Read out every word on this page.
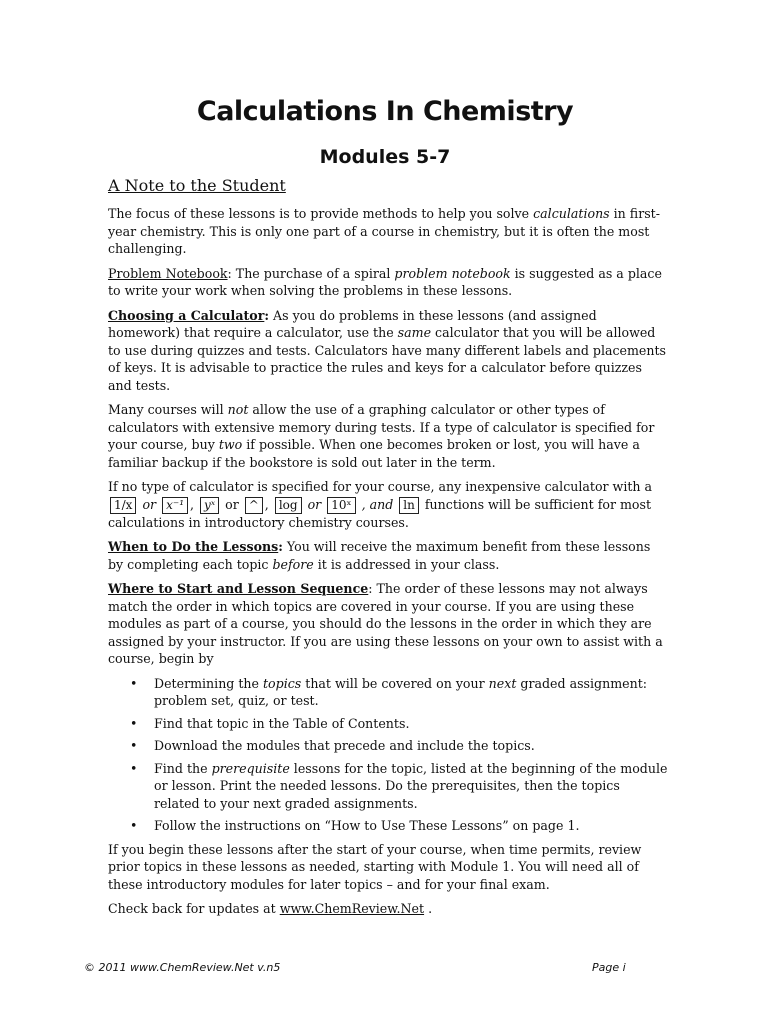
Calculations In Chemistry
Modules 5-7
A Note to the Student

The focus of these lessons is to provide methods to help you solve calculations in first-year chemistry. This is only one part of a course in chemistry, but it is often the most challenging.

Problem Notebook: The purchase of a spiral problem notebook is suggested as a place to write your work when solving the problems in these lessons.

Choosing a Calculator: As you do problems in these lessons (and assigned homework) that require a calculator, use the same calculator that you will be allowed to use during quizzes and tests. Calculators have many different labels and placements of keys. It is advisable to practice the rules and keys for a calculator before quizzes and tests.

Many courses will not allow the use of a graphing calculator or other types of calculators with extensive memory during tests. If a type of calculator is specified for your course, buy two if possible. When one becomes broken or lost, you will have a familiar backup if the bookstore is sold out later in the term.

If no type of calculator is specified for your course, any inexpensive calculator with a 1/x or x⁻¹ , yˣ or ^ , log or 10ˣ , and ln functions will be sufficient for most calculations in introductory chemistry courses.

When to Do the Lessons: You will receive the maximum benefit from these lessons by completing each topic before it is addressed in your class.

Where to Start and Lesson Sequence: The order of these lessons may not always match the order in which topics are covered in your course. If you are using these modules as part of a course, you should do the lessons in the order in which they are assigned by your instructor. If you are using these lessons on your own to assist with a course, begin by

• Determining the topics that will be covered on your next graded assignment: problem set, quiz, or test.
• Find that topic in the Table of Contents.
• Download the modules that precede and include the topics.
• Find the prerequisite lessons for the topic, listed at the beginning of the module or lesson. Print the needed lessons. Do the prerequisites, then the topics related to your next graded assignments.
• Follow the instructions on “How to Use These Lessons” on page 1.

If you begin these lessons after the start of your course, when time permits, review prior topics in these lessons as needed, starting with Module 1. You will need all of these introductory modules for later topics – and for your final exam.

Check back for updates at www.ChemReview.Net .

© 2011 www.ChemReview.Net v.n5	Page i
